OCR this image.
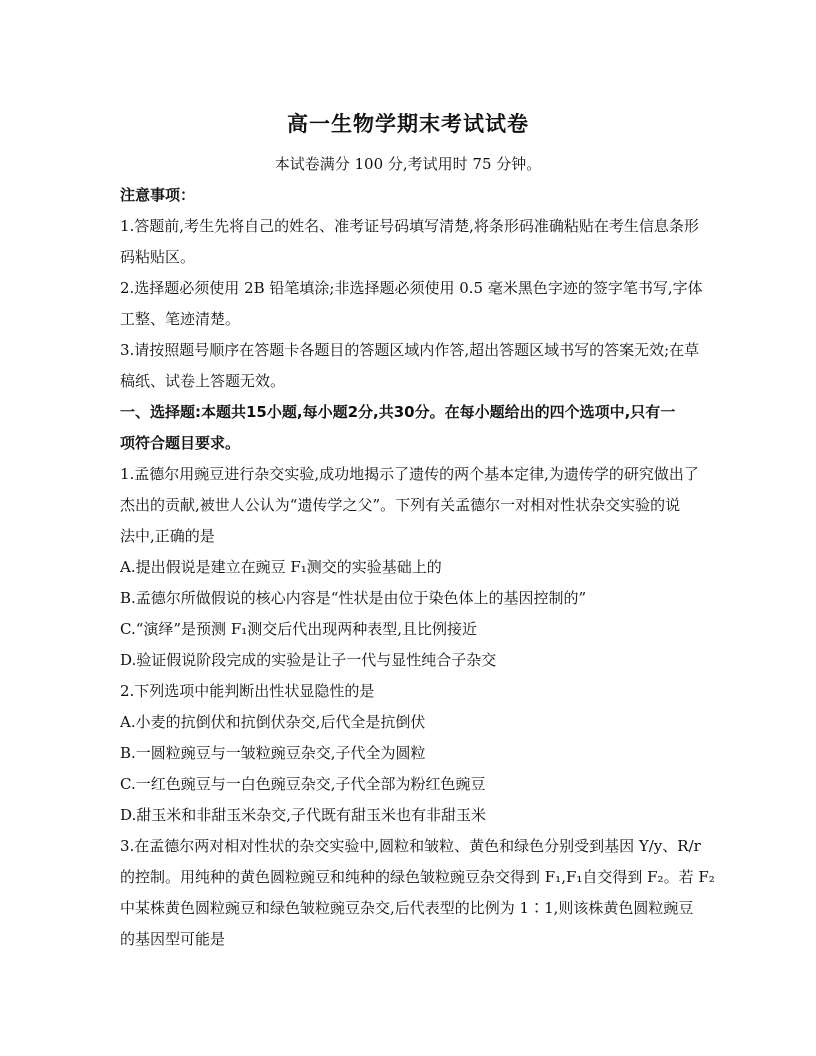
高一生物学期末考试试卷
本试卷满分 100 分,考试用时 75 分钟。
注意事项：
1.答题前,考生先将自己的姓名、准考证号码填写清楚,将条形码准确粘贴在考生信息条形
码粘贴区。
2.选择题必须使用 2B 铅笔填涂;非选择题必须使用 0.5 毫米黑色字迹的签字笔书写,字体
工整、笔迹清楚。
3.请按照题号顺序在答题卡各题目的答题区域内作答,超出答题区域书写的答案无效;在草
稿纸、试卷上答题无效。
一、选择题:本题共15小题,每小题2分,共30分。在每小题给出的四个选项中,只有一
项符合题目要求。
1.孟德尔用豌豆进行杂交实验,成功地揭示了遗传的两个基本定律,为遗传学的研究做出了
杰出的贡献,被世人公认为“遗传学之父”。下列有关孟德尔一对相对性状杂交实验的说
法中,正确的是
A.提出假说是建立在豌豆 F₁测交的实验基础上的
B.孟德尔所做假说的核心内容是“性状是由位于染色体上的基因控制的”
C.“演绎”是预测 F₁测交后代出现两种表型,且比例接近
D.验证假说阶段完成的实验是让子一代与显性纯合子杂交
2.下列选项中能判断出性状显隐性的是
A.小麦的抗倒伏和抗倒伏杂交,后代全是抗倒伏
B.一圆粒豌豆与一皱粒豌豆杂交,子代全为圆粒
C.一红色豌豆与一白色豌豆杂交,子代全部为粉红色豌豆
D.甜玉米和非甜玉米杂交,子代既有甜玉米也有非甜玉米
3.在孟德尔两对相对性状的杂交实验中,圆粒和皱粒、黄色和绿色分别受到基因 Y/y、R/r
的控制。用纯种的黄色圆粒豌豆和纯种的绿色皱粒豌豆杂交得到 F₁,F₁自交得到 F₂。若 F₂
中某株黄色圆粒豌豆和绿色皱粒豌豆杂交,后代表型的比例为 1∶1,则该株黄色圆粒豌豆
的基因型可能是
